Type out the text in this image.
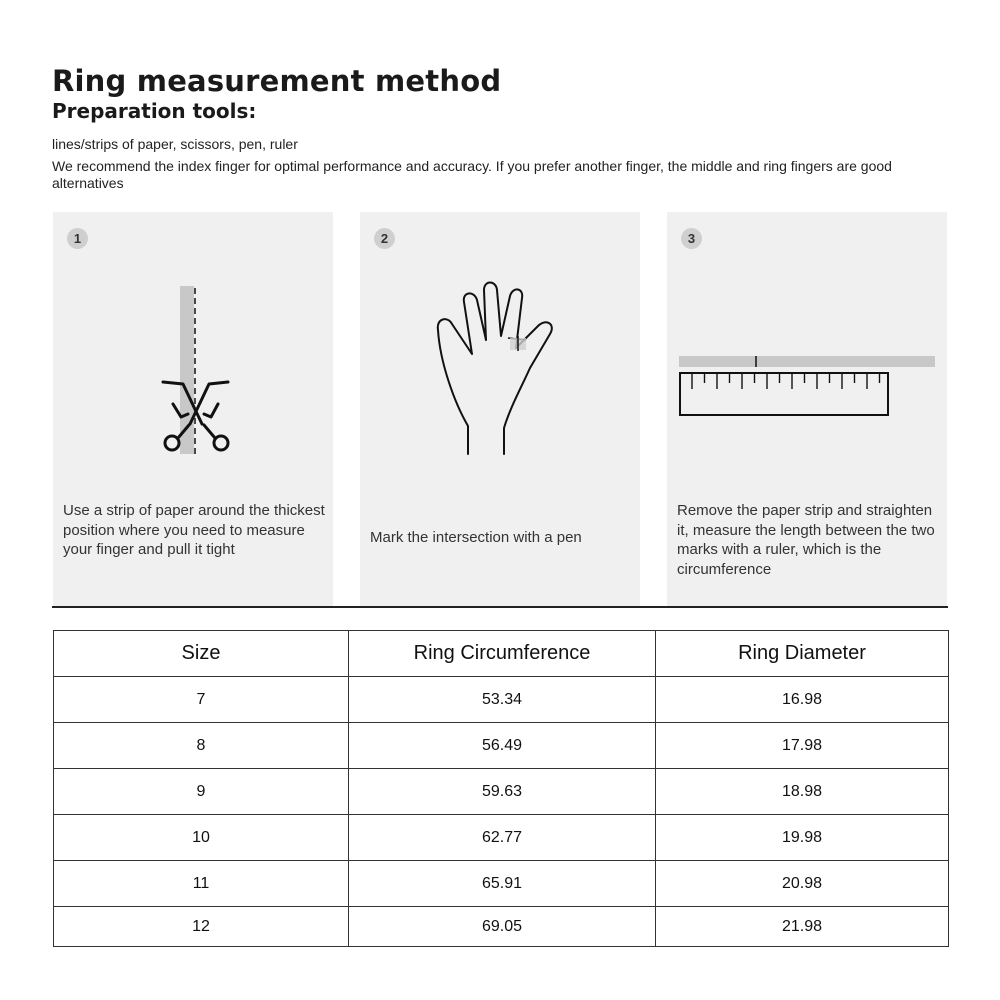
Ring measurement method
Preparation tools:
lines/strips of paper, scissors, pen, ruler
We recommend the index finger for optimal performance and accuracy. If you prefer another finger, the middle and ring fingers are good alternatives
1
Use a strip of paper around the thickest position where you need to measure your finger and pull it tight
2
Mark the intersection with a pen
3
Remove the paper strip and straighten it, measure the length between the two marks with a ruler, which is the circumference
Size	Ring Circumference	Ring Diameter
7	53.34	16.98
8	56.49	17.98
9	59.63	18.98
10	62.77	19.98
11	65.91	20.98
12	69.05	21.98
